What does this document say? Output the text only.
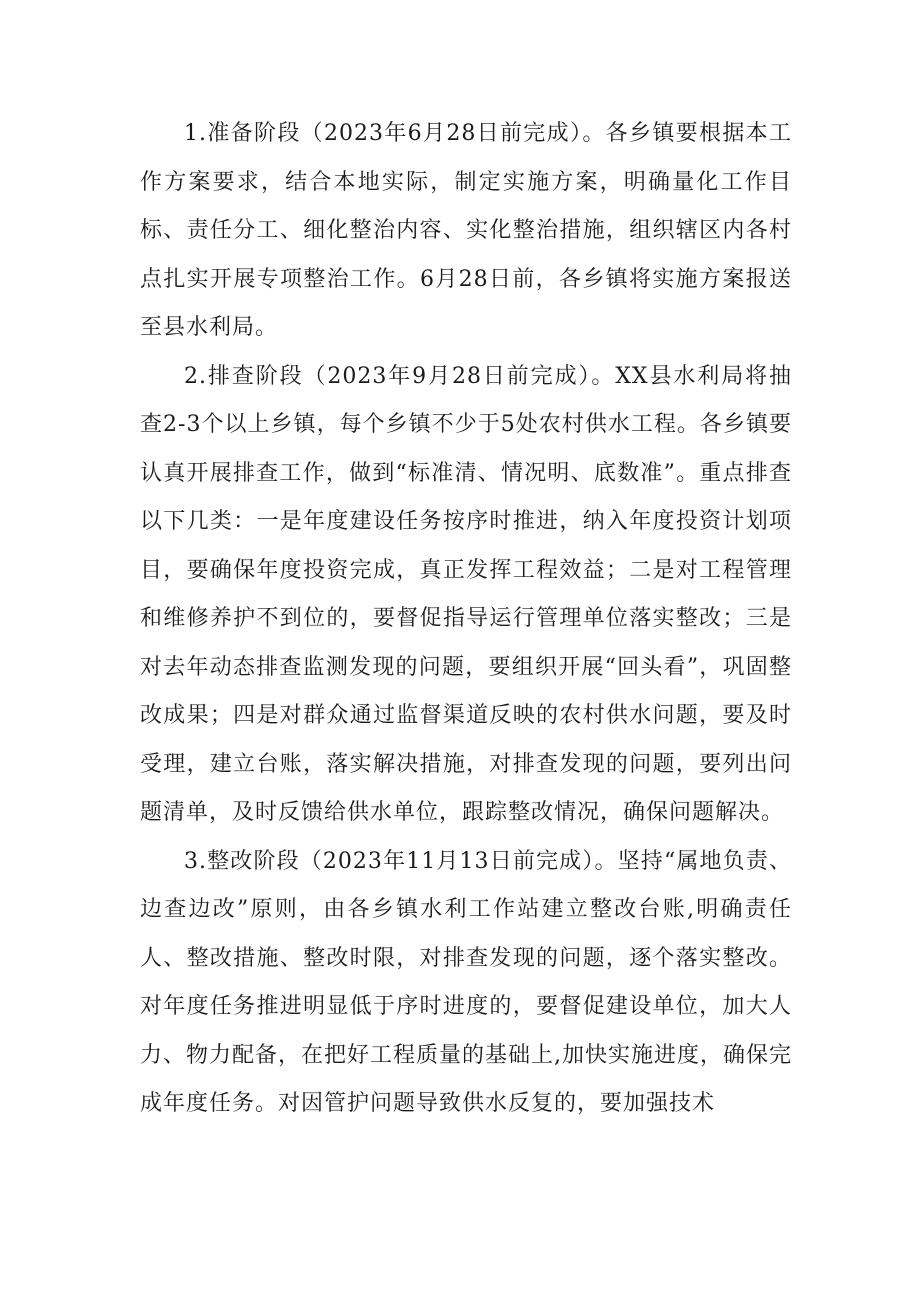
1.准备阶段（2023年6月28日前完成）。各乡镇要根据本工作方案要求，结合本地实际，制定实施方案，明确量化工作目标、责任分工、细化整治内容、实化整治措施，组织辖区内各村点扎实开展专项整治工作。6月28日前，各乡镇将实施方案报送至县水利局。

2.排查阶段（2023年9月28日前完成）。XX县水利局将抽查2-3个以上乡镇，每个乡镇不少于5处农村供水工程。各乡镇要认真开展排查工作，做到“标准清、情况明、底数准”。重点排查以下几类：一是年度建设任务按序时推进，纳入年度投资计划项目，要确保年度投资完成，真正发挥工程效益；二是对工程管理和维修养护不到位的，要督促指导运行管理单位落实整改；三是对去年动态排查监测发现的问题，要组织开展“回头看”，巩固整改成果；四是对群众通过监督渠道反映的农村供水问题，要及时受理，建立台账，落实解决措施，对排查发现的问题，要列出问题清单，及时反馈给供水单位，跟踪整改情况，确保问题解决。

3.整改阶段（2023年11月13日前完成）。坚持“属地负责、边查边改”原则，由各乡镇水利工作站建立整改台账,明确责任人、整改措施、整改时限，对排查发现的问题，逐个落实整改。对年度任务推进明显低于序时进度的，要督促建设单位，加大人力、物力配备，在把好工程质量的基础上,加快实施进度，确保完成年度任务。对因管护问题导致供水反复的，要加强技术
